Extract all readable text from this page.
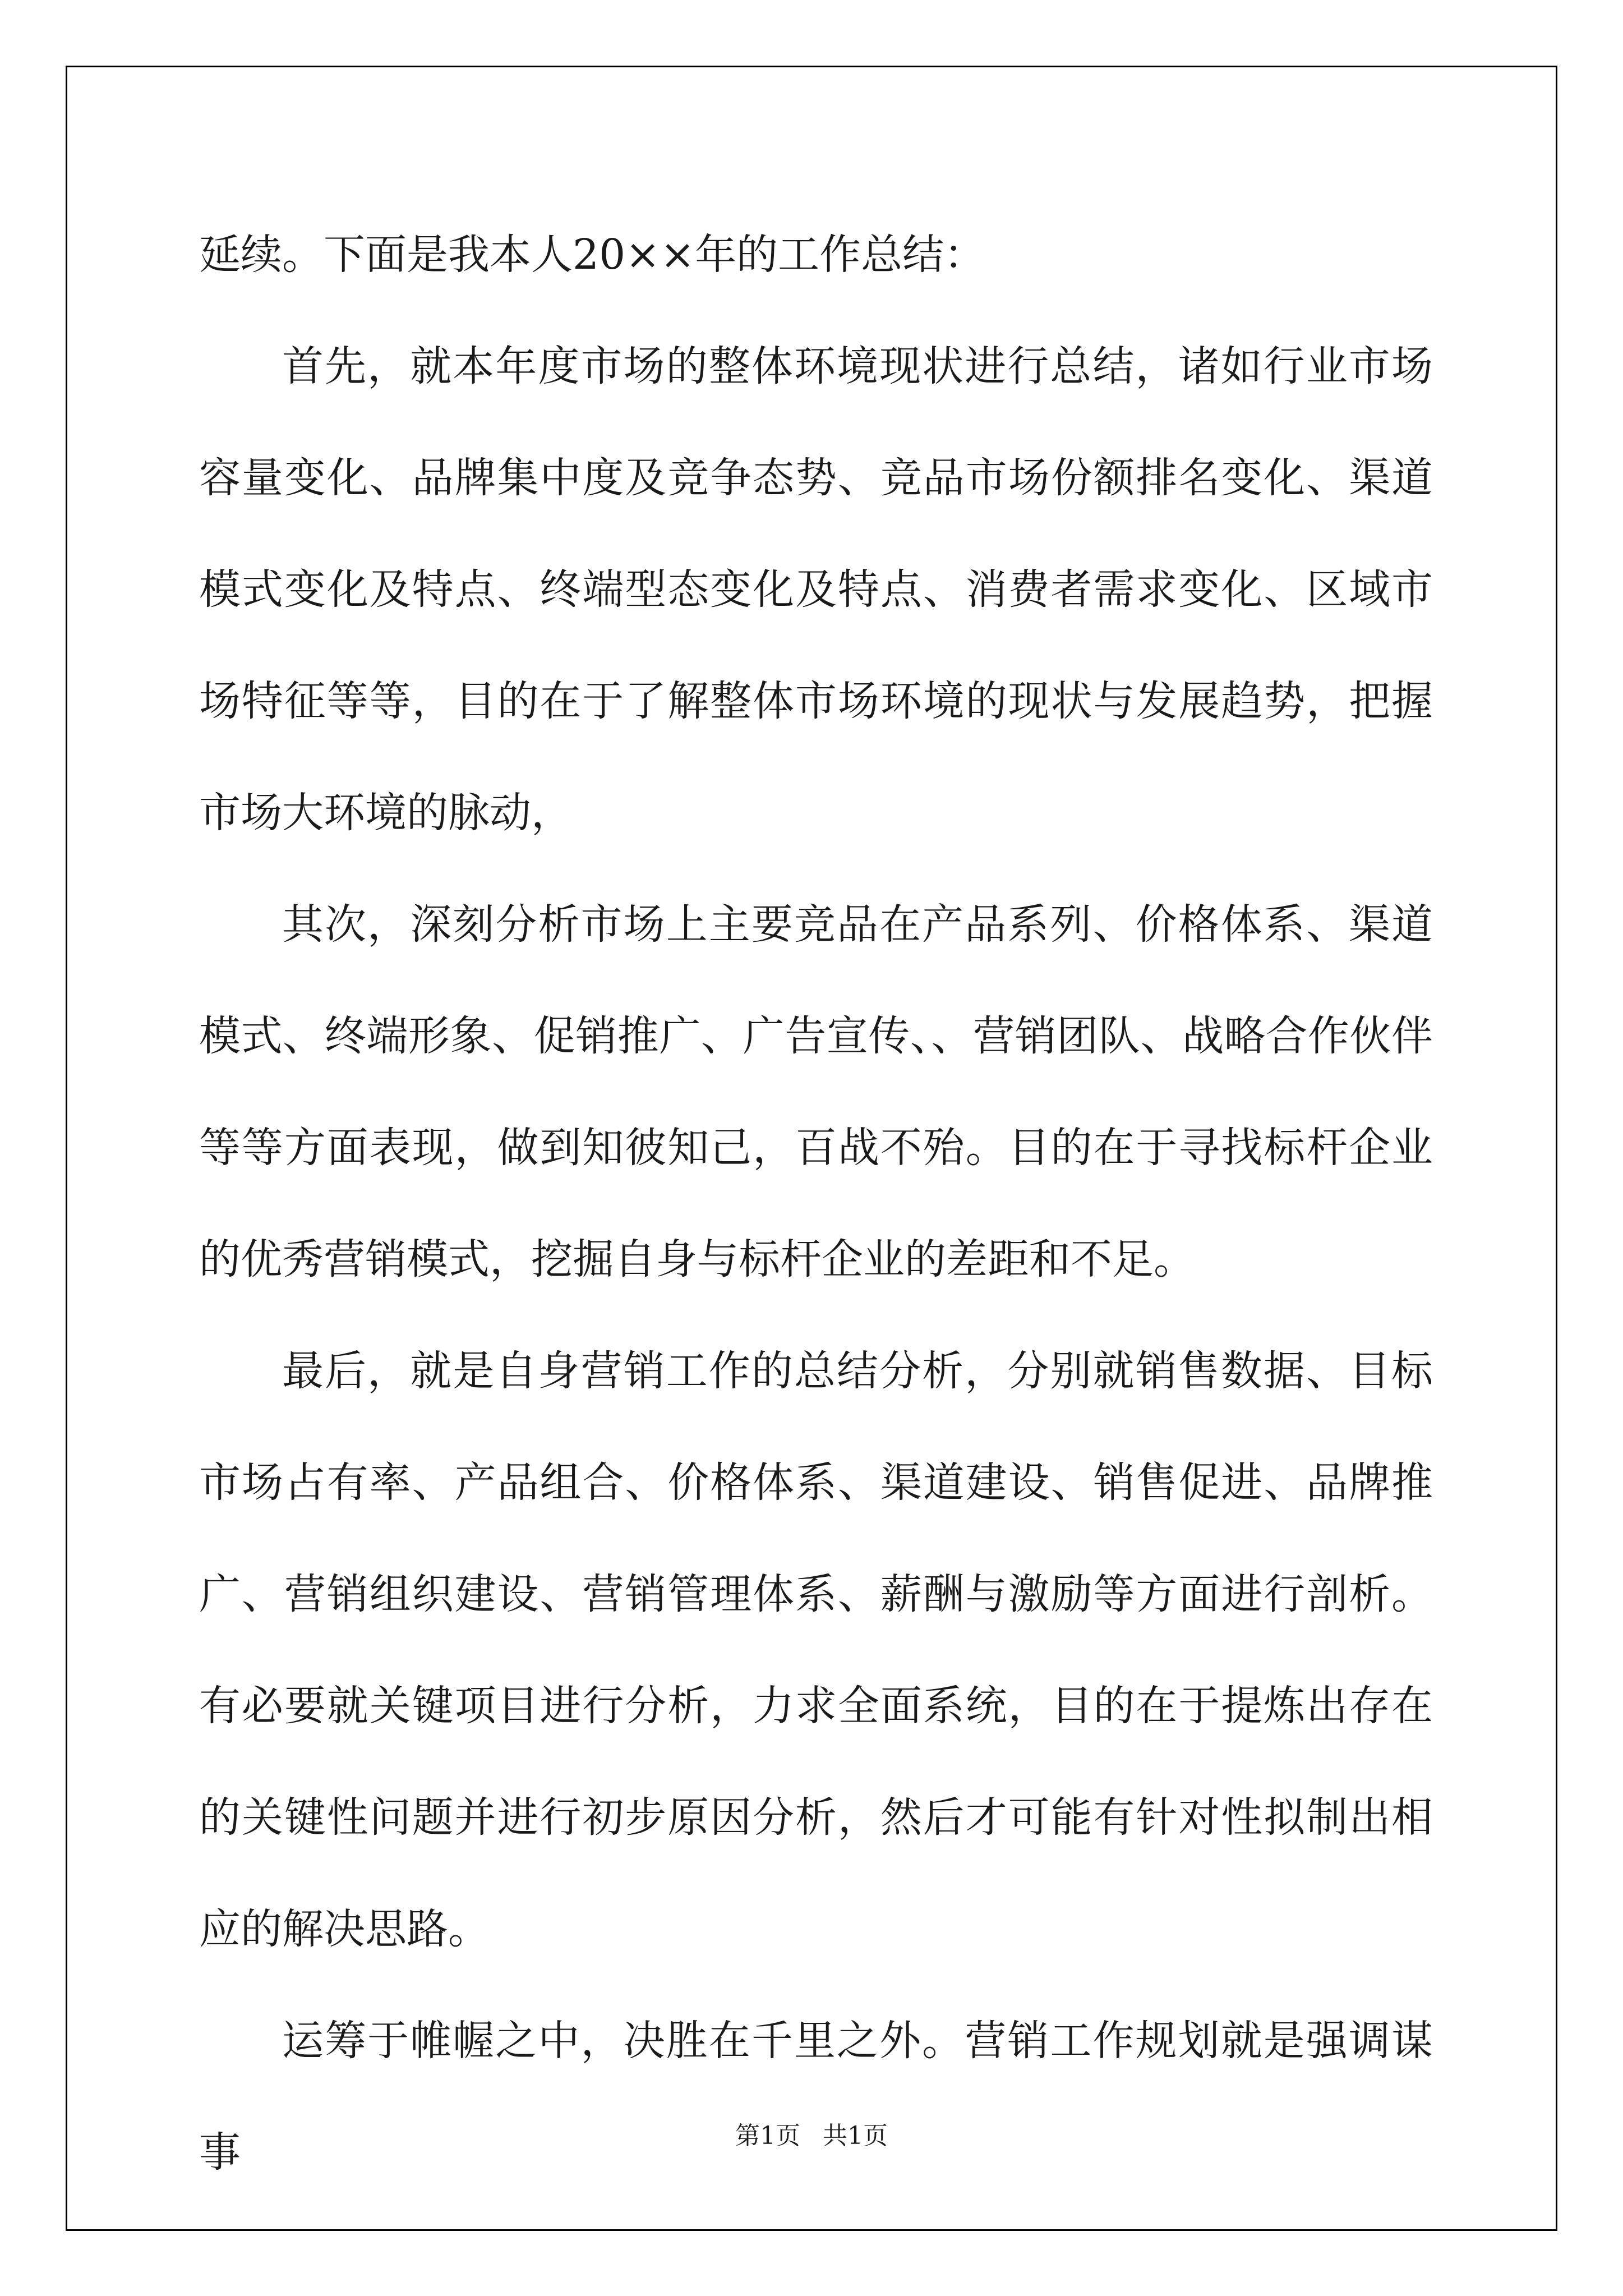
延续。下面是我本人20××年的工作总结：

首先，就本年度市场的整体环境现状进行总结，诸如行业市场容量变化、品牌集中度及竞争态势、竞品市场份额排名变化、渠道模式变化及特点、终端型态变化及特点、消费者需求变化、区域市场特征等等，目的在于了解整体市场环境的现状与发展趋势，把握市场大环境的脉动，

其次，深刻分析市场上主要竞品在产品系列、价格体系、渠道模式、终端形象、促销推广、广告宣传、、营销团队、战略合作伙伴等等方面表现，做到知彼知己，百战不殆。目的在于寻找标杆企业的优秀营销模式，挖掘自身与标杆企业的差距和不足。

最后，就是自身营销工作的总结分析，分别就销售数据、目标市场占有率、产品组合、价格体系、渠道建设、销售促进、品牌推广、营销组织建设、营销管理体系、薪酬与激励等方面进行剖析。有必要就关键项目进行分析，力求全面系统，目的在于提炼出存在的关键性问题并进行初步原因分析，然后才可能有针对性拟制出相应的解决思路。

运筹于帷幄之中，决胜在千里之外。营销工作规划就是强调谋事	第1页 共1页
